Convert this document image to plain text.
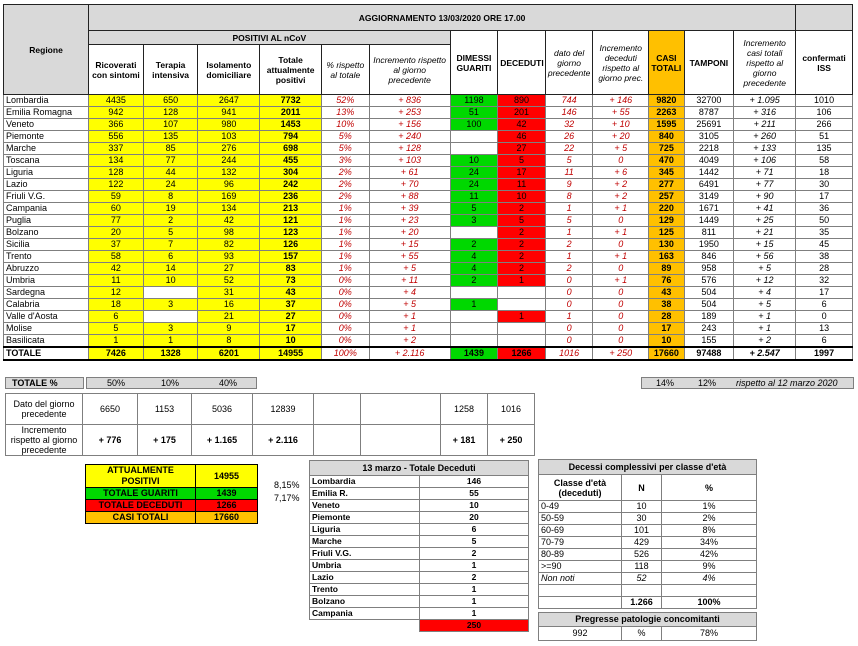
Regione	AGGIORNAMENTO 13/03/2020 ORE 17.00													
	POSITIVI AL nCoV						DIMESSI GUARITI	DECEDUTI	dato del giorno precedente	Incremento deceduti rispetto al giorno prec.	CASI TOTALI	TAMPONI	Incremento casi totali rispetto al giorno precedente	confermati ISS
	Ricoverati con sintomi	Terapia intensiva	Isolamento domiciliare	Totale attualmente positivi	% rispetto al totale	Incremento rispetto al giorno precedente								
Lombardia	4435	650	2647	7732	52%	+ 836	1198	890	744	+ 146	9820	32700	+ 1.095	1010
Emilia Romagna	942	128	941	2011	13%	+ 253	51	201	146	+ 55	2263	8787	+ 316	106
Veneto	366	107	980	1453	10%	+ 156	100	42	32	+ 10	1595	25691	+ 211	266
Piemonte	556	135	103	794	5%	+ 240		46	26	+ 20	840	3105	+ 260	51
Marche	337	85	276	698	5%	+ 128		27	22	+ 5	725	2218	+ 133	135
Toscana	134	77	244	455	3%	+ 103	10	5	5	0	470	4049	+ 106	58
Liguria	128	44	132	304	2%	+ 61	24	17	11	+ 6	345	1442	+ 71	18
Lazio	122	24	96	242	2%	+ 70	24	11	9	+ 2	277	6491	+ 77	30
Friuli V.G.	59	8	169	236	2%	+ 88	11	10	8	+ 2	257	3149	+ 90	17
Campania	60	19	134	213	1%	+ 39	5	2	1	+ 1	220	1671	+ 41	36
Puglia	77	2	42	121	1%	+ 23	3	5	5	0	129	1449	+ 25	50
Bolzano	20	5	98	123	1%	+ 20		2	1	+ 1	125	811	+ 21	35
Sicilia	37	7	82	126	1%	+ 15	2	2	2	0	130	1950	+ 15	45
Trento	58	6	93	157	1%	+ 55	4	2	1	+ 1	163	846	+ 56	38
Abruzzo	42	14	27	83	1%	+ 5	4	2	2	0	89	958	+ 5	28
Umbria	11	10	52	73	0%	+ 11	2	1	0	+ 1	76	576	+ 12	32
Sardegna	12		31	43	0%	+ 4			0	0	43	504	+ 4	17
Calabria	18	3	16	37	0%	+ 5	1		0	0	38	504	+ 5	6
Valle d'Aosta	6		21	27	0%	+ 1		1	1	0	28	189	+ 1	0
Molise	5	3	9	17	0%	+ 1			0	0	17	243	+ 1	13
Basilicata	1	1	8	10	0%	+ 2			0	0	10	155	+ 2	6
TOTALE	7426	1328	6201	14955	100%	+ 2.116	1439	1266	1016	+ 250	17660	97488	+ 2.547	1997
TOTALE %	50%	10%	40%	14%	12% rispetto al 12 marzo 2020
Dato del giorno precedente	6650	1153	5036	12839			1258	1016
Incremento rispetto al giorno precedente	+ 776	+ 175	+ 1.165	+ 2.116			+ 181	+ 250
ATTUALMENTE POSITIVI	14955
TOTALE GUARITI	1439
TOTALE DECEDUTI	1266
CASI TOTALI	17660
8,15%
7,17%
13 marzo - Totale Deceduti	
Lombardia	146
Emilia R.	55
Veneto	10
Piemonte	20
Liguria	6
Marche	5
Friuli V.G.	2
Umbria	1
Lazio	2
Trento	1
Bolzano	1
Campania	1
	250
Decessi complessivi per classe d'età		
Classe d'età (deceduti)	N	%
0-49	10	1%
50-59	30	2%
60-69	101	8%
70-79	429	34%
80-89	526	42%
>=90	118	9%
Non noti	52	4%

	1.266	100%
Pregresse patologie concomitanti
992	%	78%
